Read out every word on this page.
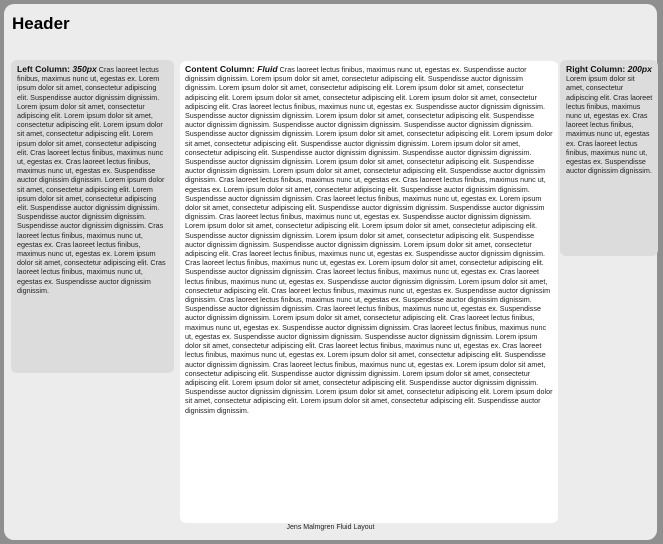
Header
Left Column: 350px Cras laoreet lectus finibus, maximus nunc ut, egestas ex. Lorem ipsum dolor sit amet, consectetur adipiscing elit. Suspendisse auctor dignissim dignissim. Lorem ipsum dolor sit amet, consectetur adipiscing elit. Lorem ipsum dolor sit amet, consectetur adipiscing elit. Lorem ipsum dolor sit amet, consectetur adipiscing elit. Lorem ipsum dolor sit amet, consectetur adipiscing elit. Cras laoreet lectus finibus, maximus nunc ut, egestas ex. Cras laoreet lectus finibus, maximus nunc ut, egestas ex. Suspendisse auctor dignissim dignissim. Lorem ipsum dolor sit amet, consectetur adipiscing elit. Lorem ipsum dolor sit amet, consectetur adipiscing elit. Suspendisse auctor dignissim dignissim. Suspendisse auctor dignissim dignissim. Suspendisse auctor dignissim dignissim. Cras laoreet lectus finibus, maximus nunc ut, egestas ex. Cras laoreet lectus finibus, maximus nunc ut, egestas ex. Lorem ipsum dolor sit amet, consectetur adipiscing elit. Cras laoreet lectus finibus, maximus nunc ut, egestas ex. Suspendisse auctor dignissim dignissim.
Content Column: Fluid Cras laoreet lectus finibus, maximus nunc ut, egestas ex. Suspendisse auctor dignissim dignissim. Lorem ipsum dolor sit amet, consectetur adipiscing elit. Suspendisse auctor dignissim dignissim. Lorem ipsum dolor sit amet, consectetur adipiscing elit. Lorem ipsum dolor sit amet, consectetur adipiscing elit. Lorem ipsum dolor sit amet, consectetur adipiscing elit. Lorem ipsum dolor sit amet, consectetur adipiscing elit. Cras laoreet lectus finibus, maximus nunc ut, egestas ex. Suspendisse auctor dignissim dignissim. Suspendisse auctor dignissim dignissim. Lorem ipsum dolor sit amet, consectetur adipiscing elit. Suspendisse auctor dignissim dignissim. Suspendisse auctor dignissim dignissim. Suspendisse auctor dignissim dignissim. Suspendisse auctor dignissim dignissim. Lorem ipsum dolor sit amet, consectetur adipiscing elit. Lorem ipsum dolor sit amet, consectetur adipiscing elit. Suspendisse auctor dignissim dignissim. Lorem ipsum dolor sit amet, consectetur adipiscing elit. Suspendisse auctor dignissim dignissim. Suspendisse auctor dignissim dignissim. Suspendisse auctor dignissim dignissim. Lorem ipsum dolor sit amet, consectetur adipiscing elit. Suspendisse auctor dignissim dignissim. Lorem ipsum dolor sit amet, consectetur adipiscing elit. Suspendisse auctor dignissim dignissim. Cras laoreet lectus finibus, maximus nunc ut, egestas ex. Cras laoreet lectus finibus, maximus nunc ut, egestas ex. Lorem ipsum dolor sit amet, consectetur adipiscing elit. Suspendisse auctor dignissim dignissim. Suspendisse auctor dignissim dignissim. Cras laoreet lectus finibus, maximus nunc ut, egestas ex. Lorem ipsum dolor sit amet, consectetur adipiscing elit. Suspendisse auctor dignissim dignissim. Suspendisse auctor dignissim dignissim. Cras laoreet lectus finibus, maximus nunc ut, egestas ex. Suspendisse auctor dignissim dignissim. Lorem ipsum dolor sit amet, consectetur adipiscing elit. Lorem ipsum dolor sit amet, consectetur adipiscing elit. Suspendisse auctor dignissim dignissim. Lorem ipsum dolor sit amet, consectetur adipiscing elit. Suspendisse auctor dignissim dignissim. Suspendisse auctor dignissim dignissim. Lorem ipsum dolor sit amet, consectetur adipiscing elit. Cras laoreet lectus finibus, maximus nunc ut, egestas ex. Suspendisse auctor dignissim dignissim. Cras laoreet lectus finibus, maximus nunc ut, egestas ex. Lorem ipsum dolor sit amet, consectetur adipiscing elit. Suspendisse auctor dignissim dignissim. Cras laoreet lectus finibus, maximus nunc ut, egestas ex. Cras laoreet lectus finibus, maximus nunc ut, egestas ex. Suspendisse auctor dignissim dignissim. Lorem ipsum dolor sit amet, consectetur adipiscing elit. Cras laoreet lectus finibus, maximus nunc ut, egestas ex. Suspendisse auctor dignissim dignissim. Cras laoreet lectus finibus, maximus nunc ut, egestas ex. Suspendisse auctor dignissim dignissim. Suspendisse auctor dignissim dignissim. Cras laoreet lectus finibus, maximus nunc ut, egestas ex. Suspendisse auctor dignissim dignissim. Lorem ipsum dolor sit amet, consectetur adipiscing elit. Cras laoreet lectus finibus, maximus nunc ut, egestas ex. Suspendisse auctor dignissim dignissim. Cras laoreet lectus finibus, maximus nunc ut, egestas ex. Suspendisse auctor dignissim dignissim. Suspendisse auctor dignissim dignissim. Lorem ipsum dolor sit amet, consectetur adipiscing elit. Cras laoreet lectus finibus, maximus nunc ut, egestas ex. Cras laoreet lectus finibus, maximus nunc ut, egestas ex. Lorem ipsum dolor sit amet, consectetur adipiscing elit. Suspendisse auctor dignissim dignissim. Cras laoreet lectus finibus, maximus nunc ut, egestas ex. Lorem ipsum dolor sit amet, consectetur adipiscing elit. Suspendisse auctor dignissim dignissim. Lorem ipsum dolor sit amet, consectetur adipiscing elit. Lorem ipsum dolor sit amet, consectetur adipiscing elit. Suspendisse auctor dignissim dignissim. Suspendisse auctor dignissim dignissim. Lorem ipsum dolor sit amet, consectetur adipiscing elit. Lorem ipsum dolor sit amet, consectetur adipiscing elit. Lorem ipsum dolor sit amet, consectetur adipiscing elit. Suspendisse auctor dignissim dignissim.
Right Column: 200px Lorem ipsum dolor sit amet, consectetur adipiscing elit. Cras laoreet lectus finibus, maximus nunc ut, egestas ex. Cras laoreet lectus finibus, maximus nunc ut, egestas ex. Cras laoreet lectus finibus, maximus nunc ut, egestas ex. Suspendisse auctor dignissim dignissim.
Jens Malmgren Fluid Layout
